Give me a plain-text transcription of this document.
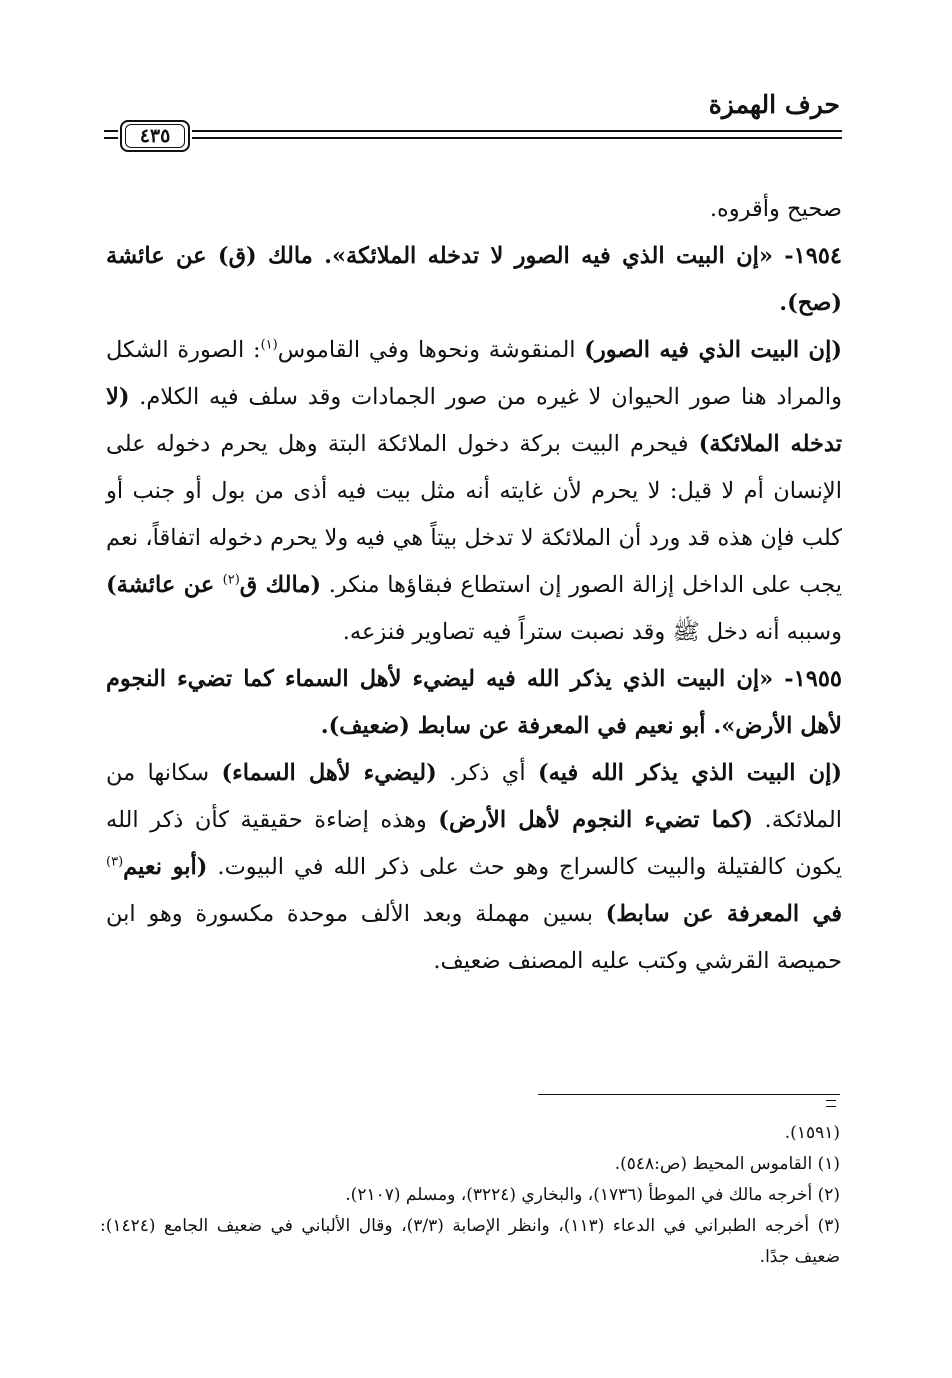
حرف الهمزة
٤٣٥

صحيح وأقروه.

١٩٥٤- «إن البيت الذي فيه الصور لا تدخله الملائكة». مالك (ق) عن عائشة (صح).

(إن البيت الذي فيه الصور) المنقوشة ونحوها وفي القاموس$^{(١)}$: الصورة الشكل والمراد هنا صور الحيوان لا غيره من صور الجمادات وقد سلف فيه الكلام. (لا تدخله الملائكة) فيحرم البيت بركة دخول الملائكة البتة وهل يحرم دخوله على الإنسان أم لا قيل: لا يحرم لأن غايته أنه مثل بيت فيه أذى من بول أو جنب أو كلب فإن هذه قد ورد أن الملائكة لا تدخل بيتاً هي فيه ولا يحرم دخوله اتفاقاً، نعم يجب على الداخل إزالة الصور إن استطاع فبقاؤها منكر. (مالك ق$^{(٢)}$ عن عائشة) وسببه أنه دخل ﷺ وقد نصبت ستراً فيه تصاوير فنزعه.

١٩٥٥- «إن البيت الذي يذكر الله فيه ليضيء لأهل السماء كما تضيء النجوم لأهل الأرض». أبو نعيم في المعرفة عن سابط (ضعيف).

(إن البيت الذي يذكر الله فيه) أي ذكر. (ليضيء لأهل السماء) سكانها من الملائكة. (كما تضيء النجوم لأهل الأرض) وهذه إضاءة حقيقية كأن ذكر الله يكون كالفتيلة والبيت كالسراج وهو حث على ذكر الله في البيوت. (أبو نعيم$^{(٣)}$ في المعرفة عن سابط) بسين مهملة وبعد الألف موحدة مكسورة وهو ابن حميصة القرشي وكتب عليه المصنف ضعيف.

(١٥٩١).

(١) القاموس المحيط (ص:٥٤٨).

(٢) أخرجه مالك في الموطأ (١٧٣٦)، والبخاري (٣٢٢٤)، ومسلم (٢١٠٧).

(٣) أخرجه الطبراني في الدعاء (١١٣)، وانظر الإصابة (٣/٣)، وقال الألباني في ضعيف الجامع (١٤٢٤): ضعيف جدًا.
